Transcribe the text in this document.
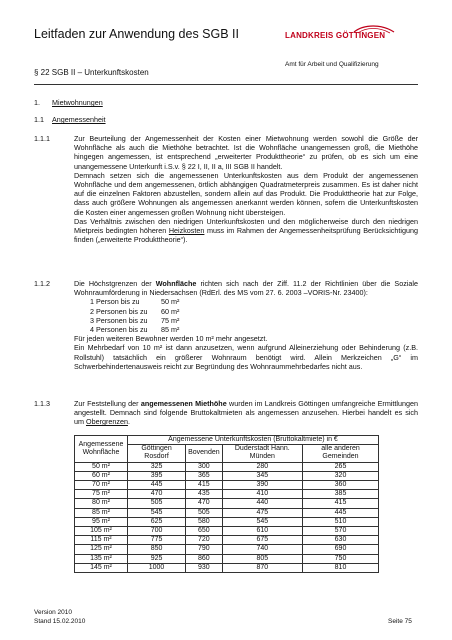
Leitfaden zur Anwendung des SGB II	LANDKREIS GÖTTINGEN
Amt für Arbeit und Qualifizierung
§ 22 SGB II – Unterkunftskosten
1. Mietwohnungen
1.1 Angemessenheit
1.1.1	Zur Beurteilung der Angemessenheit der Kosten einer Mietwohnung werden sowohl die Größe der Wohnfläche als auch die Miethöhe betrachtet. Ist die Wohnfläche unangemessen groß, die Miethöhe hingegen angemessen, ist entsprechend „erweiterter Produkttheorie“ zu prüfen, ob es sich um eine unangemessene Unterkunft i.S.v. § 22 I, II, II a, III SGB II handelt.
Demnach setzen sich die angemessenen Unterkunftskosten aus dem Produkt der angemessenen Wohnfläche und dem angemessenen, örtlich abhängigen Quadratmeterpreis zusammen. Es ist daher nicht auf die einzelnen Faktoren abzustellen, sondern allein auf das Produkt. Die Produkttheorie hat zur Folge, dass auch größere Wohnungen als angemessen anerkannt werden können, sofern die Unterkunftskosten die Kosten einer angemessen großen Wohnung nicht übersteigen.
Das Verhältnis zwischen den niedrigen Unterkunftskosten und den möglicherweise durch den niedrigen Mietpreis bedingten höheren Heizkosten muss im Rahmen der Angemessenheitsprüfung Berücksichtigung finden („erweiterte Produkttheorie“).
1.1.2	Die Höchstgrenzen der Wohnfläche richten sich nach der Ziff. 11.2 der Richtlinien über die Soziale Wohnraumförderung in Niedersachsen (RdErl. des MS vom 27. 6. 2003 –VORIS-Nr. 23400):
1 Person bis zu	50 m²
2 Personen bis zu 60 m²
3 Personen bis zu 75 m²
4 Personen bis zu 85 m²
Für jeden weiteren Bewohner werden 10 m² mehr angesetzt.
Ein Mehrbedarf von 10 m² ist dann anzusetzen, wenn aufgrund Alleinerziehung oder Behinderung (z.B. Rollstuhl) tatsächlich ein größerer Wohnraum benötigt wird. Allein Merkzeichen „G“ im Schwerbehindertenausweis reicht zur Begründung des Wohnraummehrbedarfes nicht aus.
1.1.3	Zur Feststellung der angemessenen Miethöhe wurden im Landkreis Göttingen umfangreiche Ermittlungen angestellt. Demnach sind folgende Bruttokaltmieten als angemessen anzusehen. Hierbei handelt es sich um Obergrenzen.
Angemessene Wohnfläche	Angemessene Unterkunftskosten (Bruttokaltmiete) in €			
	Göttingen Rosdorf	Bovenden	Duderstadt Hann. Münden	alle anderen Gemeinden
50 m²	325	300	280	265
60 m²	395	365	345	320
70 m²	445	415	390	360
75 m²	470	435	410	385
80 m²	505	470	440	415
85 m²	545	505	475	445
95 m²	625	580	545	510
105 m²	700	650	610	570
115 m²	775	720	675	630
125 m²	850	790	740	690
135 m²	925	860	805	750
145 m²	1000	930	870	810
Version 2010
Stand 15.02.2010	Seite 75
